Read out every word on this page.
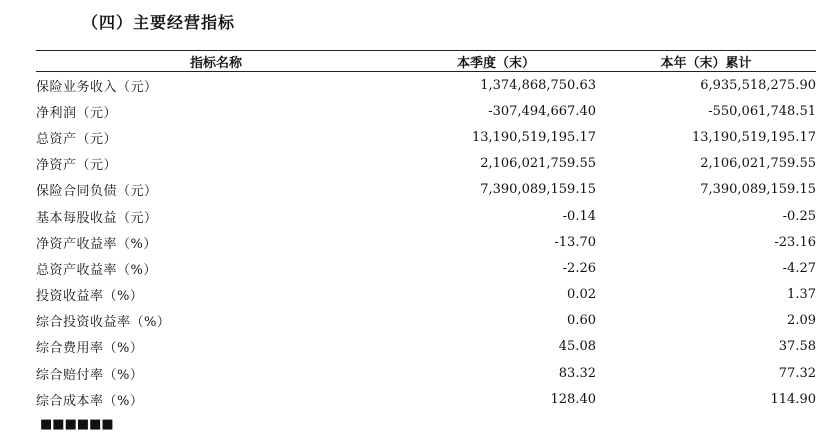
（四）主要经营指标
指标名称	本季度（末）	本年（末）累计
保险业务收入（元）	1,374,868,750.63	6,935,518,275.90
净利润（元）	-307,494,667.40	-550,061,748.51
总资产（元）	13,190,519,195.17	13,190,519,195.17
净资产（元）	2,106,021,759.55	2,106,021,759.55
保险合同负债（元）	7,390,089,159.15	7,390,089,159.15
基本每股收益（元）	-0.14	-0.25
净资产收益率（%）	-13.70	-23.16
总资产收益率（%）	-2.26	-4.27
投资收益率（%）	0.02	1.37
综合投资收益率（%）	0.60	2.09
综合费用率（%）	45.08	37.58
综合赔付率（%）	83.32	77.32
综合成本率（%）	128.40	114.90
■■■■■■
